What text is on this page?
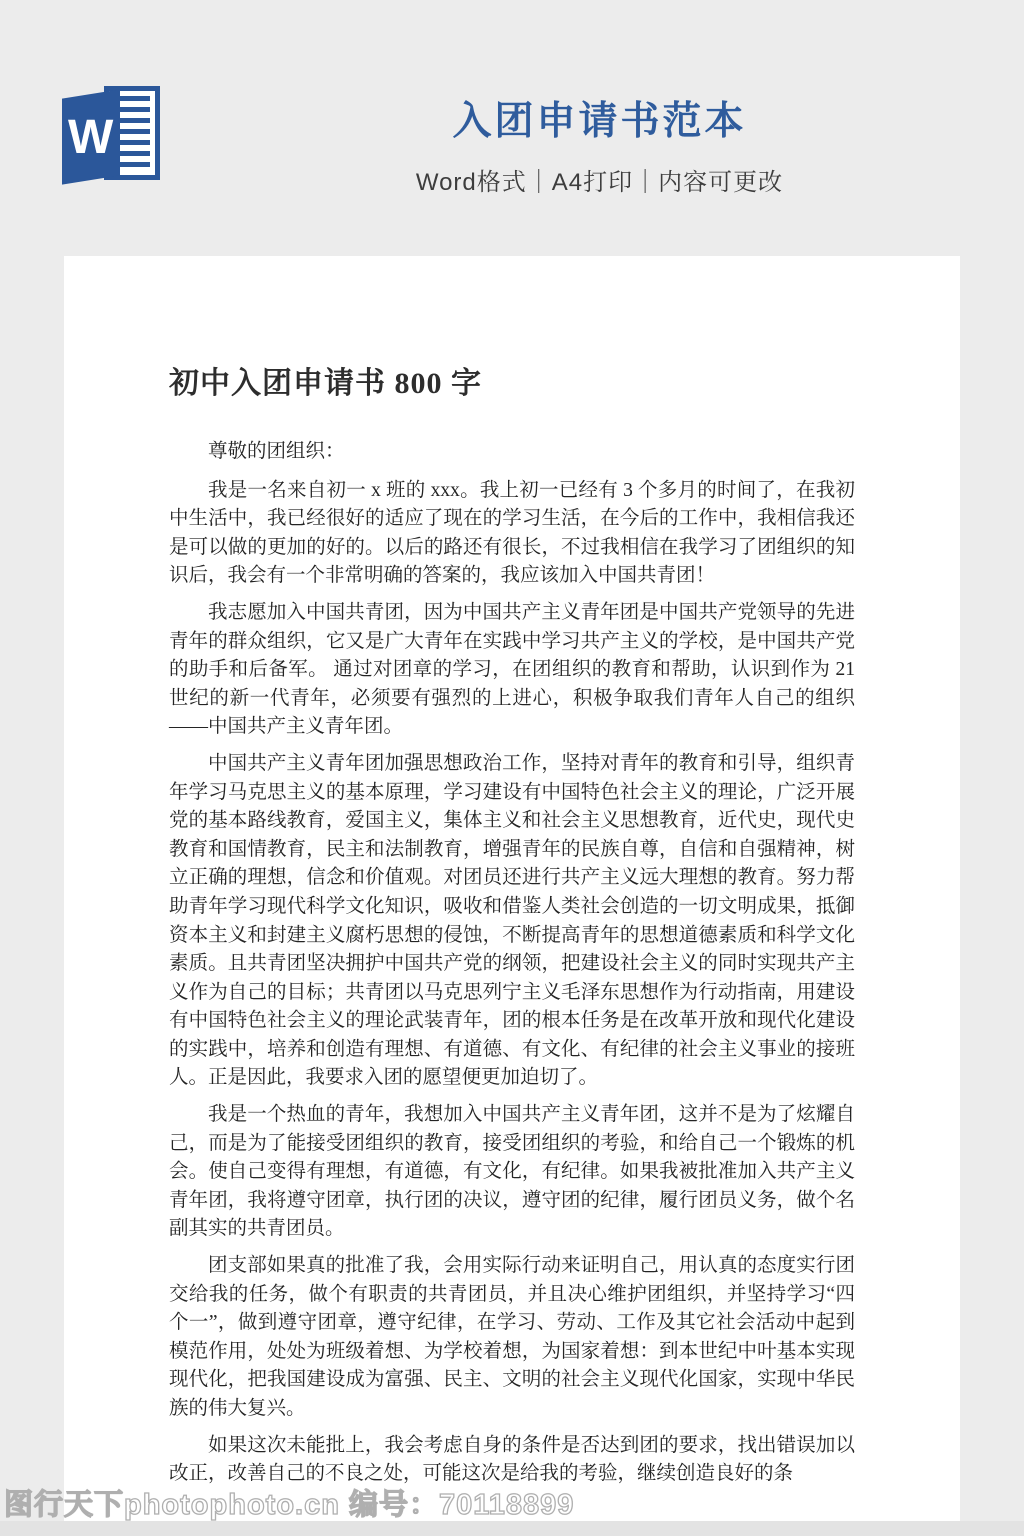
W	入团申请书范本
Word格式｜A4打印｜内容可更改
初中入团申请书 800 字

尊敬的团组织：

我是一名来自初一 x 班的 xxx。我上初一已经有 3 个多月的时间了，在我初中生活中，我已经很好的适应了现在的学习生活，在今后的工作中，我相信我还是可以做的更加的好的。以后的路还有很长，不过我相信在我学习了团组织的知识后，我会有一个非常明确的答案的，我应该加入中国共青团！

我志愿加入中国共青团，因为中国共产主义青年团是中国共产党领导的先进青年的群众组织，它又是广大青年在实践中学习共产主义的学校，是中国共产党的助手和后备军。 通过对团章的学习，在团组织的教育和帮助，认识到作为 21 世纪的新一代青年，必须要有强烈的上进心，积极争取我们青年人自己的组织——中国共产主义青年团。

中国共产主义青年团加强思想政治工作，坚持对青年的教育和引导，组织青年学习马克思主义的基本原理，学习建设有中国特色社会主义的理论，广泛开展党的基本路线教育，爱国主义，集体主义和社会主义思想教育，近代史，现代史教育和国情教育，民主和法制教育，增强青年的民族自尊，自信和自强精神，树立正确的理想，信念和价值观。对团员还进行共产主义远大理想的教育。努力帮助青年学习现代科学文化知识，吸收和借鉴人类社会创造的一切文明成果，抵御资本主义和封建主义腐朽思想的侵蚀，不断提高青年的思想道德素质和科学文化素质。且共青团坚决拥护中国共产党的纲领，把建设社会主义的同时实现共产主义作为自己的目标；共青团以马克思列宁主义毛泽东思想作为行动指南，用建设有中国特色社会主义的理论武装青年，团的根本任务是在改革开放和现代化建设的实践中，培养和创造有理想、有道德、有文化、有纪律的社会主义事业的接班人。正是因此，我要求入团的愿望便更加迫切了。

我是一个热血的青年，我想加入中国共产主义青年团，这并不是为了炫耀自己，而是为了能接受团组织的教育，接受团组织的考验，和给自己一个锻炼的机会。使自己变得有理想，有道德，有文化，有纪律。如果我被批准加入共产主义青年团，我将遵守团章，执行团的决议，遵守团的纪律，履行团员义务，做个名副其实的共青团员。

团支部如果真的批准了我，会用实际行动来证明自己，用认真的态度实行团交给我的任务，做个有职责的共青团员，并且决心维护团组织，并坚持学习“四个一”，做到遵守团章，遵守纪律，在学习、劳动、工作及其它社会活动中起到模范作用，处处为班级着想、为学校着想，为国家着想：到本世纪中叶基本实现现代化，把我国建设成为富强、民主、文明的社会主义现代化国家，实现中华民族的伟大复兴。

如果这次未能批上，我会考虑自身的条件是否达到团的要求，找出错误加以改正，改善自己的不良之处，可能这次是给我的考验，继续创造良好的条

图行天下photophoto.cn 编号：70118899
